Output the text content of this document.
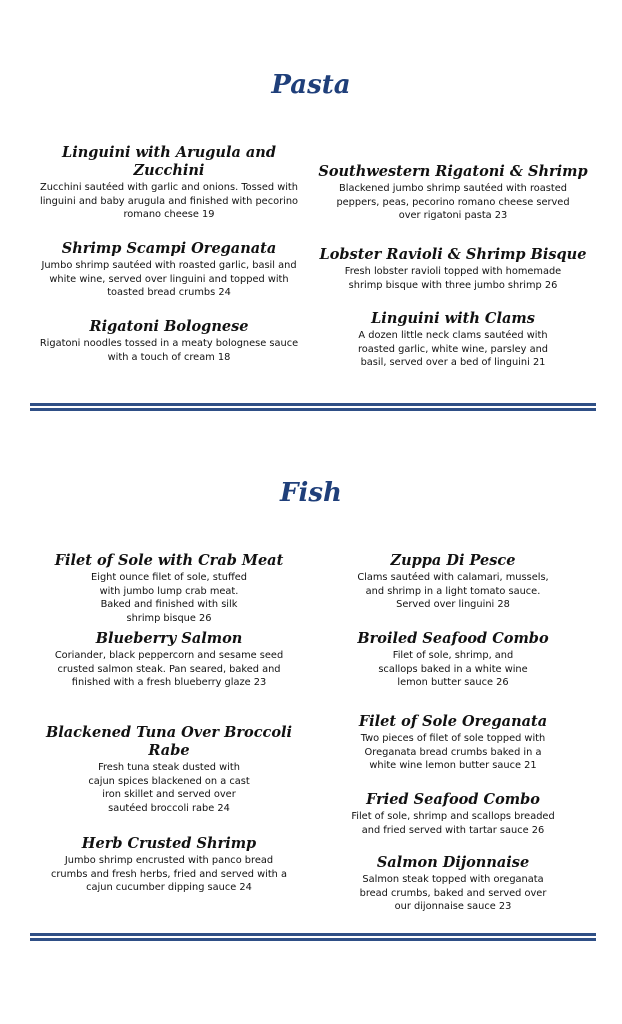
Pasta
Linguini with Arugula and Zucchini
Zucchini sautéed with garlic and onions. Tossed with linguini and baby arugula and finished with pecorino romano cheese 19
Shrimp Scampi Oreganata
Jumbo shrimp sautéed with roasted garlic, basil and white wine, served over linguini and topped with toasted bread crumbs 24
Rigatoni Bolognese
Rigatoni noodles tossed in a meaty bolognese sauce with a touch of cream 18
Southwestern Rigatoni & Shrimp
Blackened jumbo shrimp sautéed with roasted peppers, peas, pecorino romano cheese served over rigatoni pasta 23
Lobster Ravioli & Shrimp Bisque
Fresh lobster ravioli topped with homemade shrimp bisque with three jumbo shrimp 26
Linguini with Clams
A dozen little neck clams sautéed with roasted garlic, white wine, parsley and basil, served over a bed of linguini 21
Fish
Filet of Sole with Crab Meat
Eight ounce filet of sole, stuffed with jumbo lump crab meat. Baked and finished with silk shrimp bisque 26
Blueberry Salmon
Coriander, black peppercorn and sesame seed crusted salmon steak. Pan seared, baked and finished with a fresh blueberry glaze 23
Blackened Tuna Over Broccoli Rabe
Fresh tuna steak dusted with cajun spices blackened on a cast iron skillet and served over sautéed broccoli rabe 24
Herb Crusted Shrimp
Jumbo shrimp encrusted with panco bread crumbs and fresh herbs, fried and served with a cajun cucumber dipping sauce 24
Zuppa Di Pesce
Clams sautéed with calamari, mussels, and shrimp in a light tomato sauce. Served over linguini 28
Broiled Seafood Combo
Filet of sole, shrimp, and scallops baked in a white wine lemon butter sauce 26
Filet of Sole Oreganata
Two pieces of filet of sole topped with Oreganata bread crumbs baked in a white wine lemon butter sauce 21
Fried Seafood Combo
Filet of sole, shrimp and scallops breaded and fried served with tartar sauce 26
Salmon Dijonnaise
Salmon steak topped with oreganata bread crumbs, baked and served over our dijonnaise sauce 23
